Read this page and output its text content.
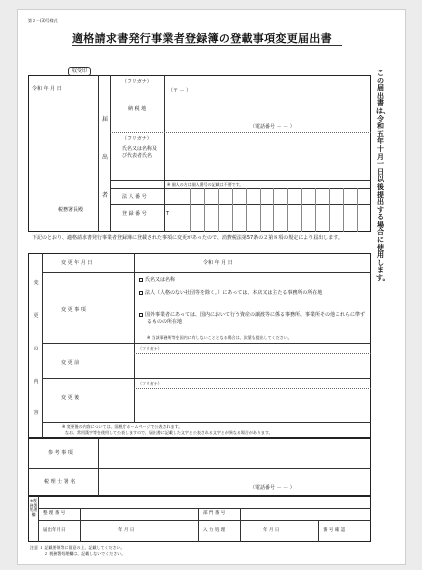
第２－(3)号様式
適格請求書発行事業者登録簿の登載事項変更届出書
収受印	この届出書は、令和五年十月一日以後提出する場合に使用します。
令和 年 月 日
届
出
者
税務署長殿
（フリガナ）
（〒 － ）
納 税 地
（電話番号 － － ）
（フリガナ）
氏名又は名称及び代表者氏名
※ 個人の方は個人番号の記載は不要です。
法 人 番 号
登 録 番 号	T
下記のとおり、適格請求書発行事業者登録簿に登載された事項に変更があったので、消費税法第57条の２第８項の規定により届出します。
変
更
の
内
容
変 更 年 月 日	令和 年 月 日
変 更 事 項
氏名又は名称
法人（人格のない社団等を除く。）にあっては、本店又は主たる事務所の所在地
国外事業者にあっては、国内において行う資産の譲渡等に係る事務所、事業所その他これらに準ずるものの所在地
※ 当該事務所等を国内に有しないこととなる場合は、次葉も提出してください。
（フリガナ）
変 更 前
（フリガナ）
変 更 後
※ 変更後の内容については、国税庁ホームページで公表されます。
なお、常用漢字等を使用して公表しますので、届出書に記載した文字と公表される文字とが異なる場合があります。
参 考 事 項
税 理 士 署 名
（電話番号 － － ）
※税務署処理欄	整 理 番 号	部 門 番 号
届出年月日	年 月 日	入 力 処 理	年 月 日	番 号 確 認
注意 １ 記載要領等に留意の上、記載してください。
２ 税務署処理欄は、記載しないでください。
